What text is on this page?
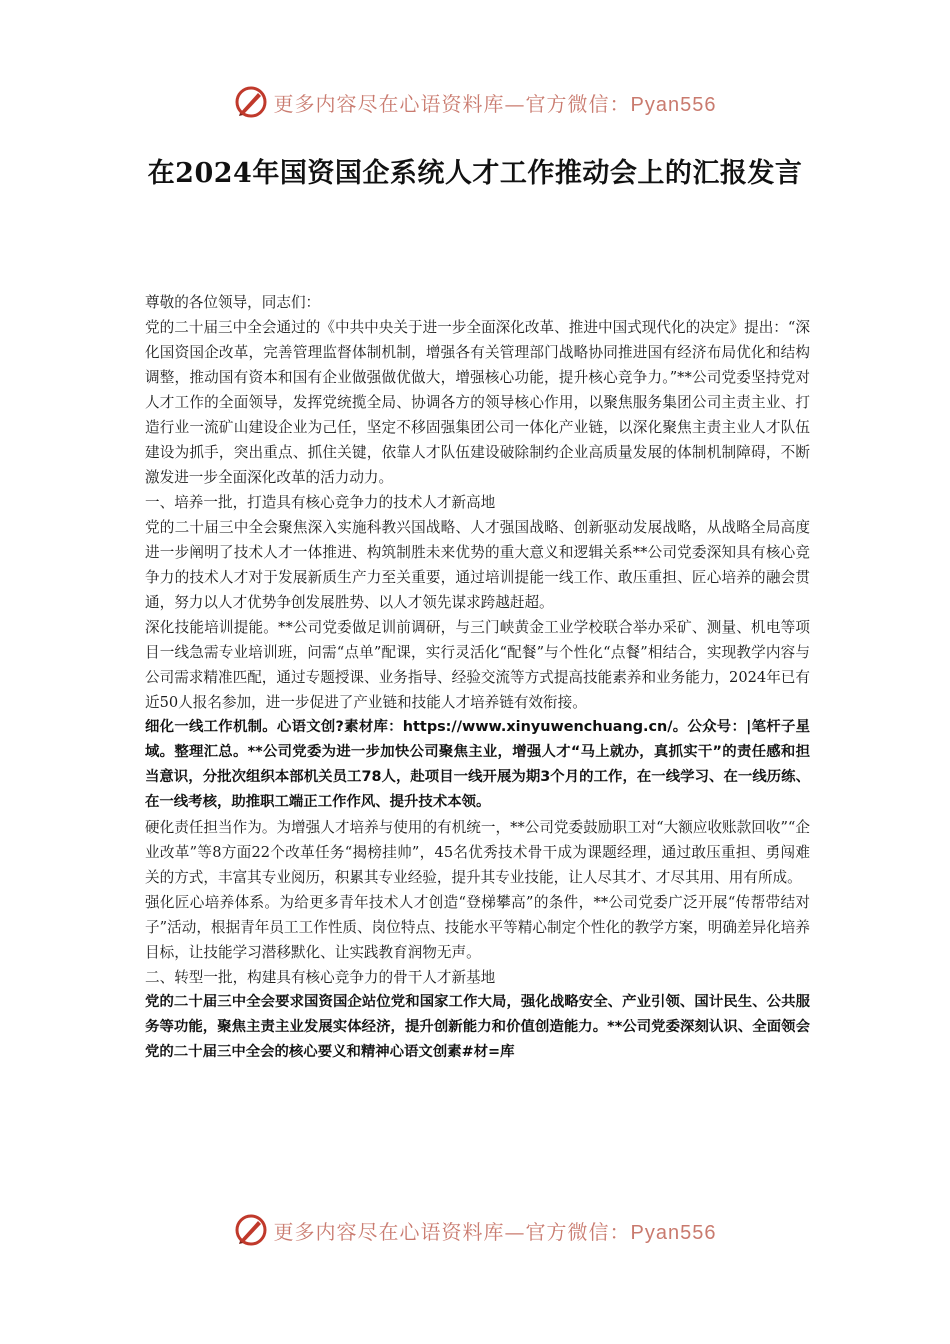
更多内容尽在心语资料库—官方微信：Pyan556
在2024年国资国企系统人才工作推动会上的汇报发言

尊敬的各位领导，同志们：

党的二十届三中全会通过的《中共中央关于进一步全面深化改革、推进中国式现代化的决定》提出：“深化国资国企改革，完善管理监督体制机制，增强各有关管理部门战略协同推进国有经济布局优化和结构调整，推动国有资本和国有企业做强做优做大，增强核心功能，提升核心竞争力。”**公司党委坚持党对人才工作的全面领导，发挥党统揽全局、协调各方的领导核心作用，以聚焦服务集团公司主责主业、打造行业一流矿山建设企业为己任，坚定不移固强集团公司一体化产业链，以深化聚焦主责主业人才队伍建设为抓手，突出重点、抓住关键，依靠人才队伍建设破除制约企业高质量发展的体制机制障碍，不断激发进一步全面深化改革的活力动力。

一、培养一批，打造具有核心竞争力的技术人才新高地

党的二十届三中全会聚焦深入实施科教兴国战略、人才强国战略、创新驱动发展战略，从战略全局高度进一步阐明了技术人才一体推进、构筑制胜未来优势的重大意义和逻辑关系**公司党委深知具有核心竞争力的技术人才对于发展新质生产力至关重要，通过培训提能一线工作、敢压重担、匠心培养的融会贯通，努力以人才优势争创发展胜势、以人才领先谋求跨越赶超。

深化技能培训提能。**公司党委做足训前调研，与三门峡黄金工业学校联合举办采矿、测量、机电等项目一线急需专业培训班，问需“点单”配课，实行灵活化“配餐”与个性化“点餐”相结合，实现教学内容与公司需求精准匹配，通过专题授课、业务指导、经验交流等方式提高技能素养和业务能力，2024年已有近50人报名参加，进一步促进了产业链和技能人才培养链有效衔接。

细化一线工作机制。心语文创?素材库：https://www.xinyuwenchuang.cn/。公众号：|笔杆子星域。整理汇总。**公司党委为进一步加快公司聚焦主业，增强人才“马上就办，真抓实干”的责任感和担当意识，分批次组织本部机关员工78人，赴项目一线开展为期3个月的工作，在一线学习、在一线历练、在一线考核，助推职工端正工作作风、提升技术本领。

硬化责任担当作为。为增强人才培养与使用的有机统一，**公司党委鼓励职工对“大额应收账款回收”“企业改革”等8方面22个改革任务“揭榜挂帅”，45名优秀技术骨干成为课题经理，通过敢压重担、勇闯难关的方式，丰富其专业阅历，积累其专业经验，提升其专业技能，让人尽其才、才尽其用、用有所成。

强化匠心培养体系。为给更多青年技术人才创造“登梯攀高”的条件，**公司党委广泛开展“传帮带结对子”活动，根据青年员工工作性质、岗位特点、技能水平等精心制定个性化的教学方案，明确差异化培养目标，让技能学习潜移默化、让实践教育润物无声。

二、转型一批，构建具有核心竞争力的骨干人才新基地

党的二十届三中全会要求国资国企站位党和国家工作大局，强化战略安全、产业引领、国计民生、公共服务等功能，聚焦主责主业发展实体经济，提升创新能力和价值创造能力。**公司党委深刻认识、全面领会党的二十届三中全会的核心要义和精神心语文创素#材=库

更多内容尽在心语资料库—官方微信：Pyan556
